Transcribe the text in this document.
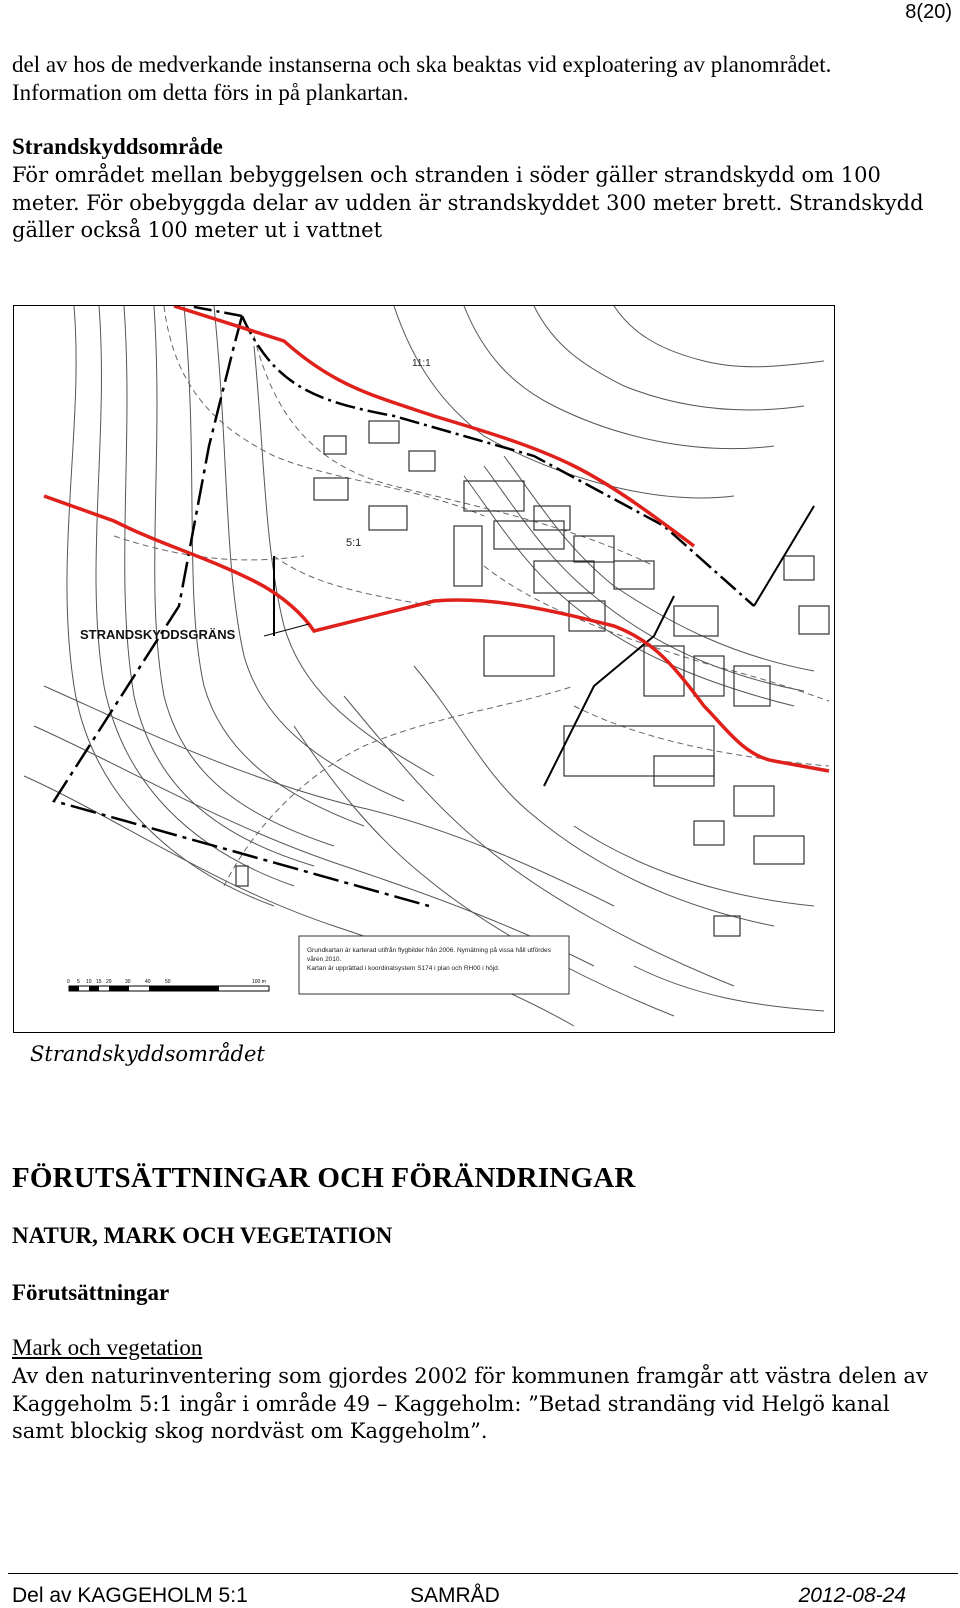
8(20)

del av hos de medverkande instanserna och ska beaktas vid exploatering av planområdet. Information om detta förs in på plankartan.

Strandskyddsområde

För området mellan bebyggelsen och stranden i söder gäller strandskydd om 100 meter. För obebyggda delar av udden är strandskyddet 300 meter brett. Strandskydd gäller också 100 meter ut i vattnet

STRANDSKYDDSGRÄNS
11:1
5:1
Grundkartan är karterad utifrån flygbilder från 2006. Nymätning på vissa håll utfördes våren 2010.
Kartan är upprättad i koordinatsystem S174 i plan och RH00 i höjd.
0 5 10 15 20	30	40	50	100 m

Strandskyddsområdet

FÖRUTSÄTTNINGAR OCH FÖRÄNDRINGAR
NATUR, MARK OCH VEGETATION
Förutsättningar

Mark och vegetation

Av den naturinventering som gjordes 2002 för kommunen framgår att västra delen av Kaggeholm 5:1 ingår i område 49 – Kaggeholm: ”Betad strandäng vid Helgö kanal samt blockig skog nordväst om Kaggeholm”.

Del av KAGGEHOLM 5:1	SAMRÅD	2012-08-24
